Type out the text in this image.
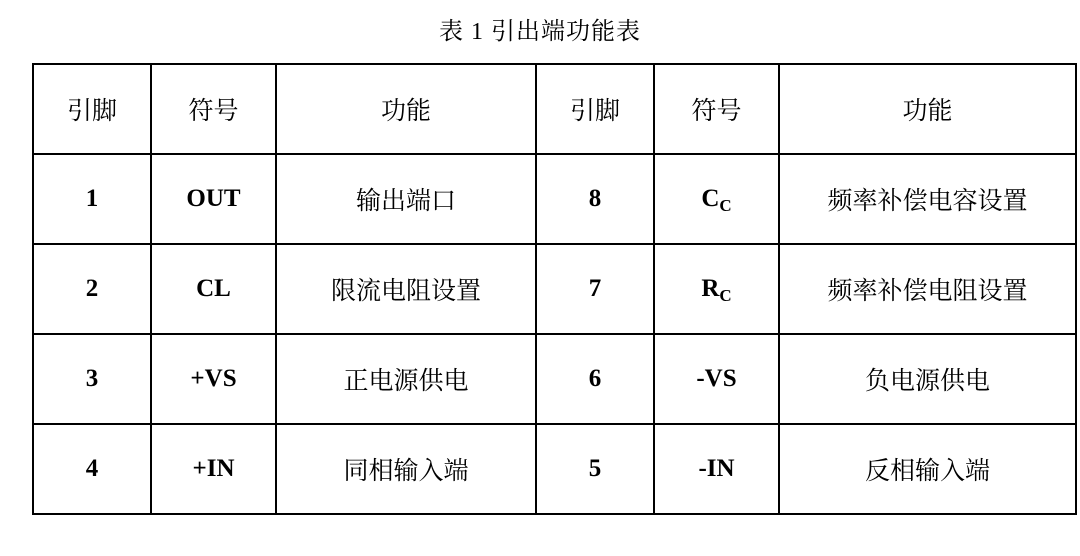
表 1 引出端功能表
引脚	符号	功能	引脚	符号	功能
1	OUT	输出端口	8	$C_C$	频率补偿电容设置
2	CL	限流电阻设置	7	$R_C$	频率补偿电阻设置
3	+VS	正电源供电	6	-VS	负电源供电
4	+IN	同相输入端	5	-IN	反相输入端
